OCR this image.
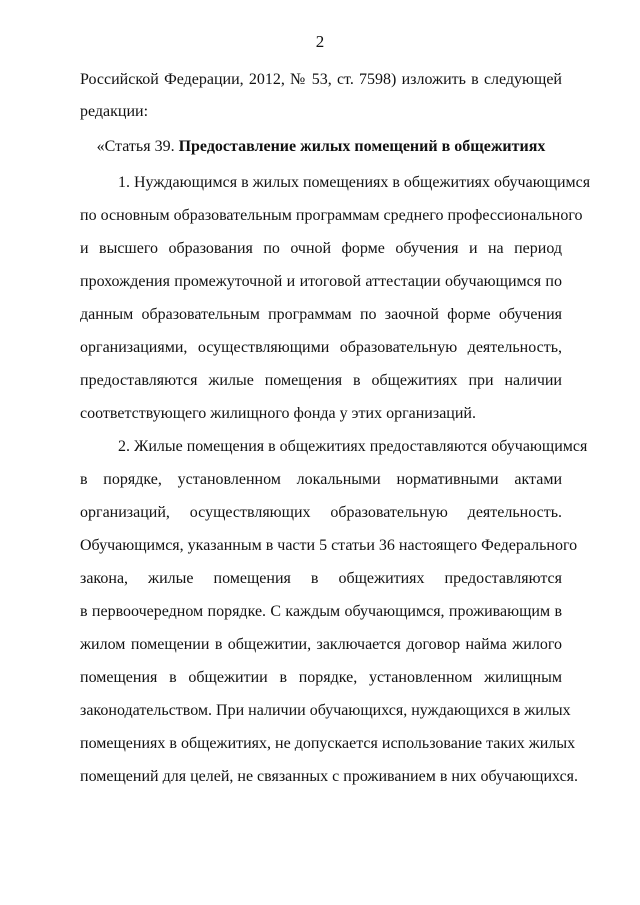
2
Российской Федерации, 2012, № 53, ст. 7598) изложить в следующей
редакции:
«Статья 39. Предоставление жилых помещений в общежитиях
1. Нуждающимся в жилых помещениях в общежитиях обучающимся
по основным образовательным программам среднего профессионального
и высшего образования по очной форме обучения и на период
прохождения промежуточной и итоговой аттестации обучающимся по
данным образовательным программам по заочной форме обучения
организациями, осуществляющими образовательную деятельность,
предоставляются жилые помещения в общежитиях при наличии
соответствующего жилищного фонда у этих организаций.
2. Жилые помещения в общежитиях предоставляются обучающимся
в порядке, установленном локальными нормативными актами
организаций, осуществляющих образовательную деятельность.
Обучающимся, указанным в части 5 статьи 36 настоящего Федерального
закона, жилые помещения в общежитиях предоставляются
в первоочередном порядке. С каждым обучающимся, проживающим в
жилом помещении в общежитии, заключается договор найма жилого
помещения в общежитии в порядке, установленном жилищным
законодательством. При наличии обучающихся, нуждающихся в жилых
помещениях в общежитиях, не допускается использование таких жилых
помещений для целей, не связанных с проживанием в них обучающихся.
